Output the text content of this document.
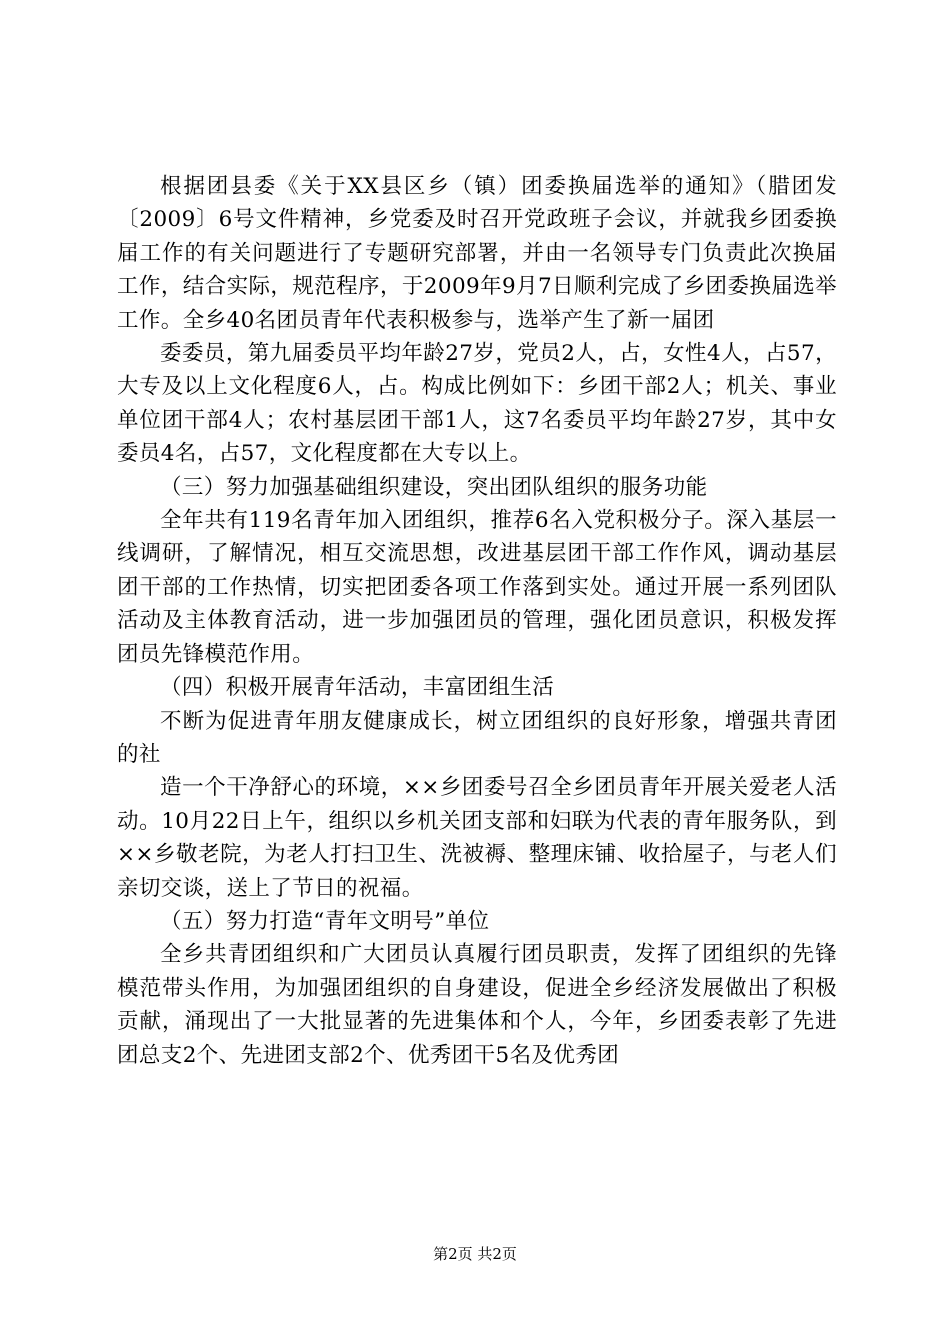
根据团县委《关于XX县区乡（镇）团委换届选举的通知》（腊团发〔2009〕6号文件精神，乡党委及时召开党政班子会议，并就我乡团委换届工作的有关问题进行了专题研究部署，并由一名领导专门负责此次换届工作，结合实际，规范程序，于2009年9月7日顺利完成了乡团委换届选举工作。全乡40名团员青年代表积极参与，选举产生了新一届团

委委员，第九届委员平均年龄27岁，党员2人，占，女性4人，占57，大专及以上文化程度6人，占。构成比例如下：乡团干部2人；机关、事业单位团干部4人；农村基层团干部1人，这7名委员平均年龄27岁，其中女委员4名，占57，文化程度都在大专以上。

（三）努力加强基础组织建设，突出团队组织的服务功能

全年共有119名青年加入团组织，推荐6名入党积极分子。深入基层一线调研，了解情况，相互交流思想，改进基层团干部工作作风，调动基层团干部的工作热情，切实把团委各项工作落到实处。通过开展一系列团队活动及主体教育活动，进一步加强团员的管理，强化团员意识，积极发挥团员先锋模范作用。

（四）积极开展青年活动，丰富团组生活

不断为促进青年朋友健康成长，树立团组织的良好形象，增强共青团的社

造一个干净舒心的环境，××乡团委号召全乡团员青年开展关爱老人活动。10月22日上午，组织以乡机关团支部和妇联为代表的青年服务队，到××乡敬老院，为老人打扫卫生、洗被褥、整理床铺、收拾屋子，与老人们亲切交谈，送上了节日的祝福。

（五）努力打造“青年文明号”单位

全乡共青团组织和广大团员认真履行团员职责，发挥了团组织的先锋模范带头作用，为加强团组织的自身建设，促进全乡经济发展做出了积极贡献，涌现出了一大批显著的先进集体和个人，今年，乡团委表彰了先进团总支2个、先进团支部2个、优秀团干5名及优秀团

第2页 共2页
